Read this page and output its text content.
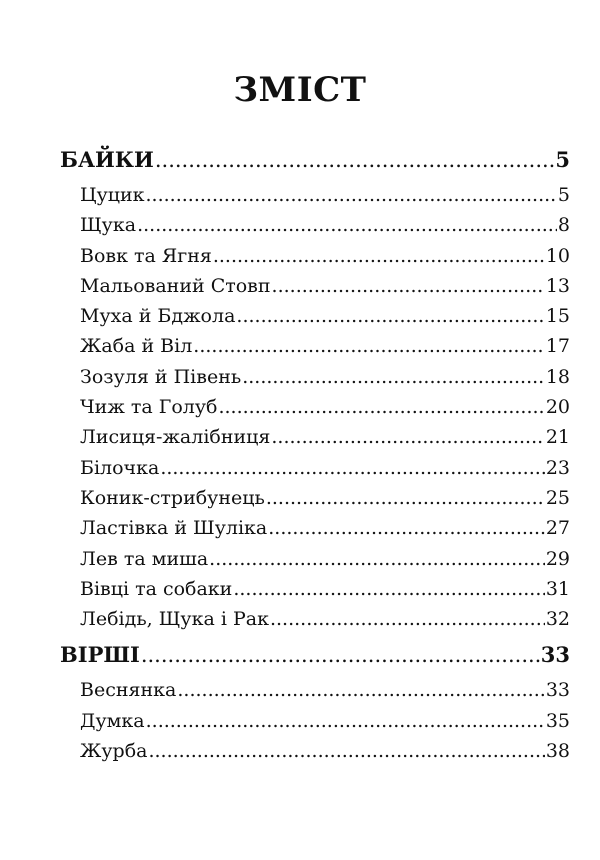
ЗМІСТ
БАЙКИ .....	5
Цуцик .....	5
Щука .....	8
Вовк та Ягня .....	10
Мальований Стовп .....	13
Муха й Бджола .....	15
Жаба й Віл .....	17
Зозуля й Півень .....	18
Чиж та Голуб .....	20
Лисиця-жалібниця .....	21
Білочка .....	23
Коник-стрибунець .....	25
Ластівка й Шуліка .....	27
Лев та миша .....	29
Вівці та собаки .....	31
Лебідь, Щука і Рак .....	32
ВІРШІ .....	33
Веснянка .....	33
Думка .....	35
Журба .....	38
